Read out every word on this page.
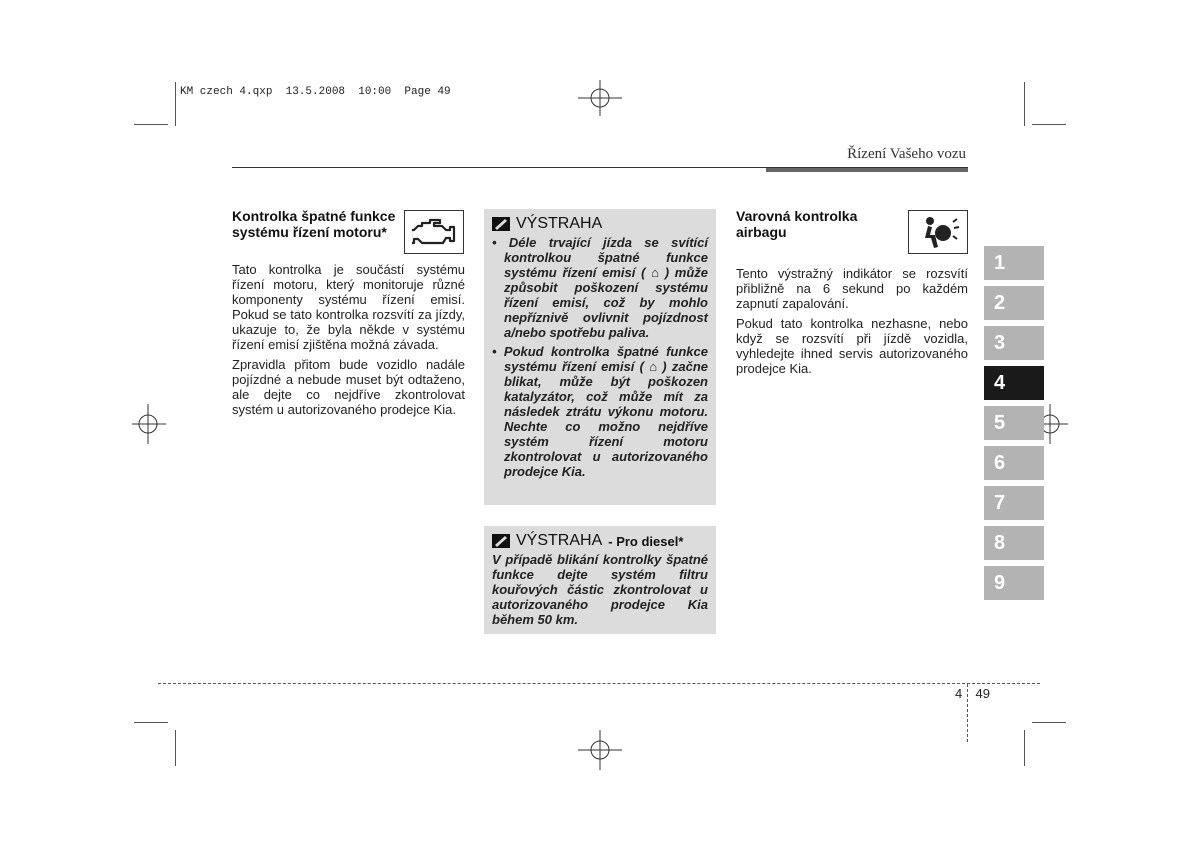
KM czech 4.qxp  13.5.2008  10:00  Page 49
Řízení Vašeho vozu
Kontrolka špatné funkce systému řízení motoru*

Tato kontrolka je součástí systému řízení motoru, který monitoruje různé komponenty systému řízení emisí. Pokud se tato kontrolka rozsvítí za jízdy, ukazuje to, že byla někde v systému řízení emisí zjištěna možná závada.

Zpravidla přitom bude vozidlo nadále pojízdné a nebude muset být odtaženo, ale dejte co nejdříve zkontrolovat systém u autorizovaného prodejce Kia.

VÝSTRAHA
• Déle trvající jízda se svítící kontrolkou špatné funkce systému řízení emisí ( ⌂ ) může způsobit poškození systému řízení emisí, což by mohlo nepříznivě ovlivnit pojízdnost a/nebo spotřebu paliva.
• Pokud kontrolka špatné funkce systému řízení emisí ( ⌂ ) začne blikat, může být poškozen katalyzátor, což může mít za následek ztrátu výkonu motoru. Nechte co možno nejdříve systém řízení motoru zkontrolovat u autorizovaného prodejce Kia.
VÝSTRAHA - Pro diesel*
V případě blikání kontrolky špatné funkce dejte systém filtru kouřových částic zkontrolovat u autorizovaného prodejce Kia během 50 km.
Varovná kontrolka airbagu

Tento výstražný indikátor se rozsvítí přibližně na 6 sekund po každém zapnutí zapalování.

Pokud tato kontrolka nezhasne, nebo když se rozsvítí při jízdě vozidla, vyhledejte ihned servis autorizovaného prodejce Kia.

1
2
3
4
5
6
7
8
9
4 49
